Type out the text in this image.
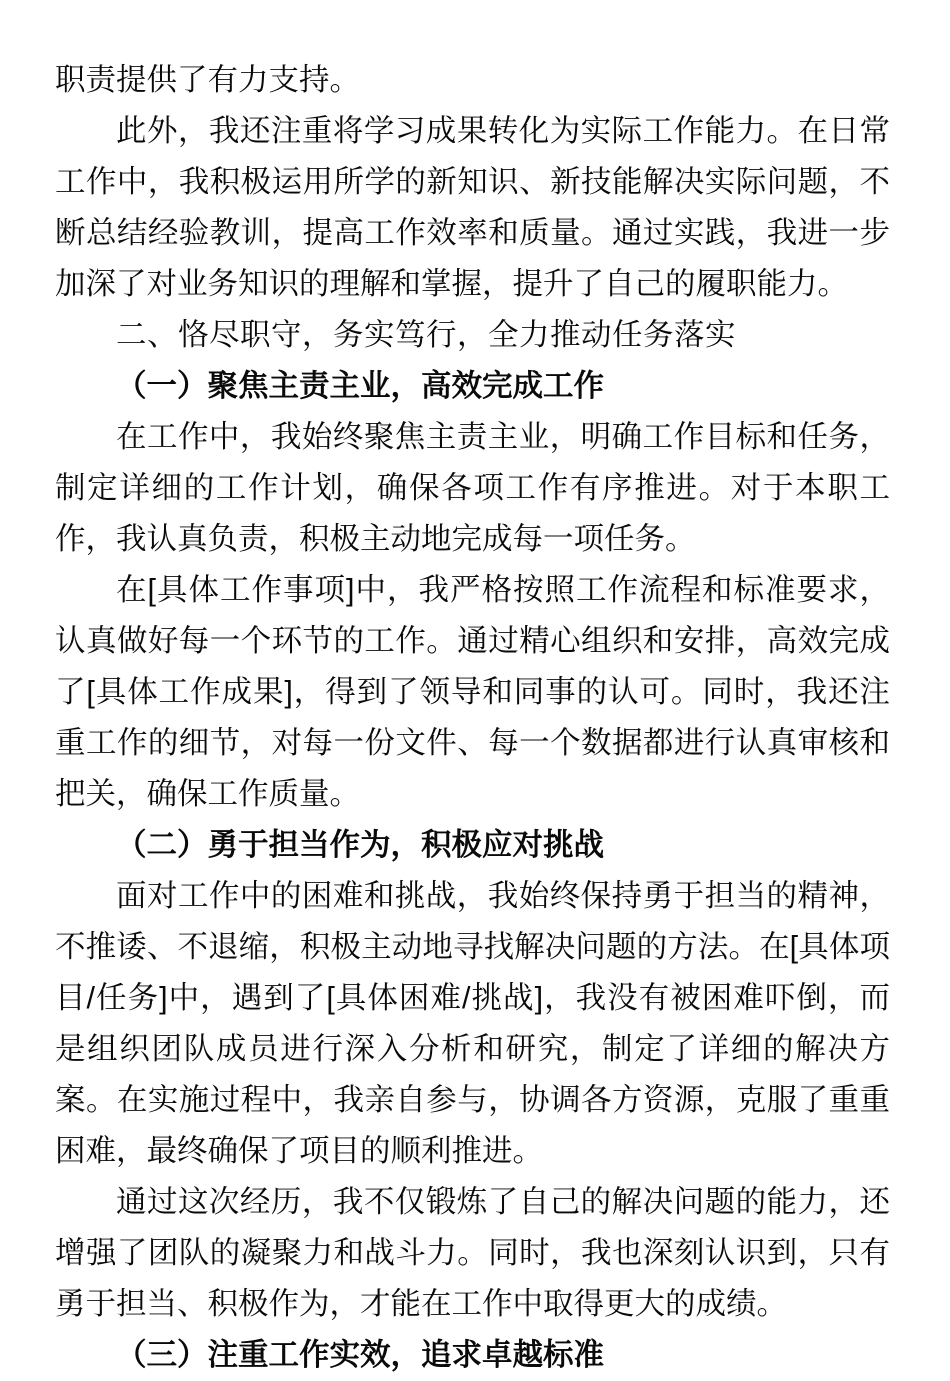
职责提供了有力支持。

此外，我还注重将学习成果转化为实际工作能力。在日常工作中，我积极运用所学的新知识、新技能解决实际问题，不断总结经验教训，提高工作效率和质量。通过实践，我进一步加深了对业务知识的理解和掌握，提升了自己的履职能力。

二、恪尽职守，务实笃行，全力推动任务落实

（一）聚焦主责主业，高效完成工作

在工作中，我始终聚焦主责主业，明确工作目标和任务，制定详细的工作计划，确保各项工作有序推进。对于本职工作，我认真负责，积极主动地完成每一项任务。

在[具体工作事项]中，我严格按照工作流程和标准要求，认真做好每一个环节的工作。通过精心组织和安排，高效完成了[具体工作成果]，得到了领导和同事的认可。同时，我还注重工作的细节，对每一份文件、每一个数据都进行认真审核和把关，确保工作质量。

（二）勇于担当作为，积极应对挑战

面对工作中的困难和挑战，我始终保持勇于担当的精神，不推诿、不退缩，积极主动地寻找解决问题的方法。在[具体项目/任务]中，遇到了[具体困难/挑战]，我没有被困难吓倒，而是组织团队成员进行深入分析和研究，制定了详细的解决方案。在实施过程中，我亲自参与，协调各方资源，克服了重重困难，最终确保了项目的顺利推进。

通过这次经历，我不仅锻炼了自己的解决问题的能力，还增强了团队的凝聚力和战斗力。同时，我也深刻认识到，只有勇于担当、积极作为，才能在工作中取得更大的成绩。

（三）注重工作实效，追求卓越标准
